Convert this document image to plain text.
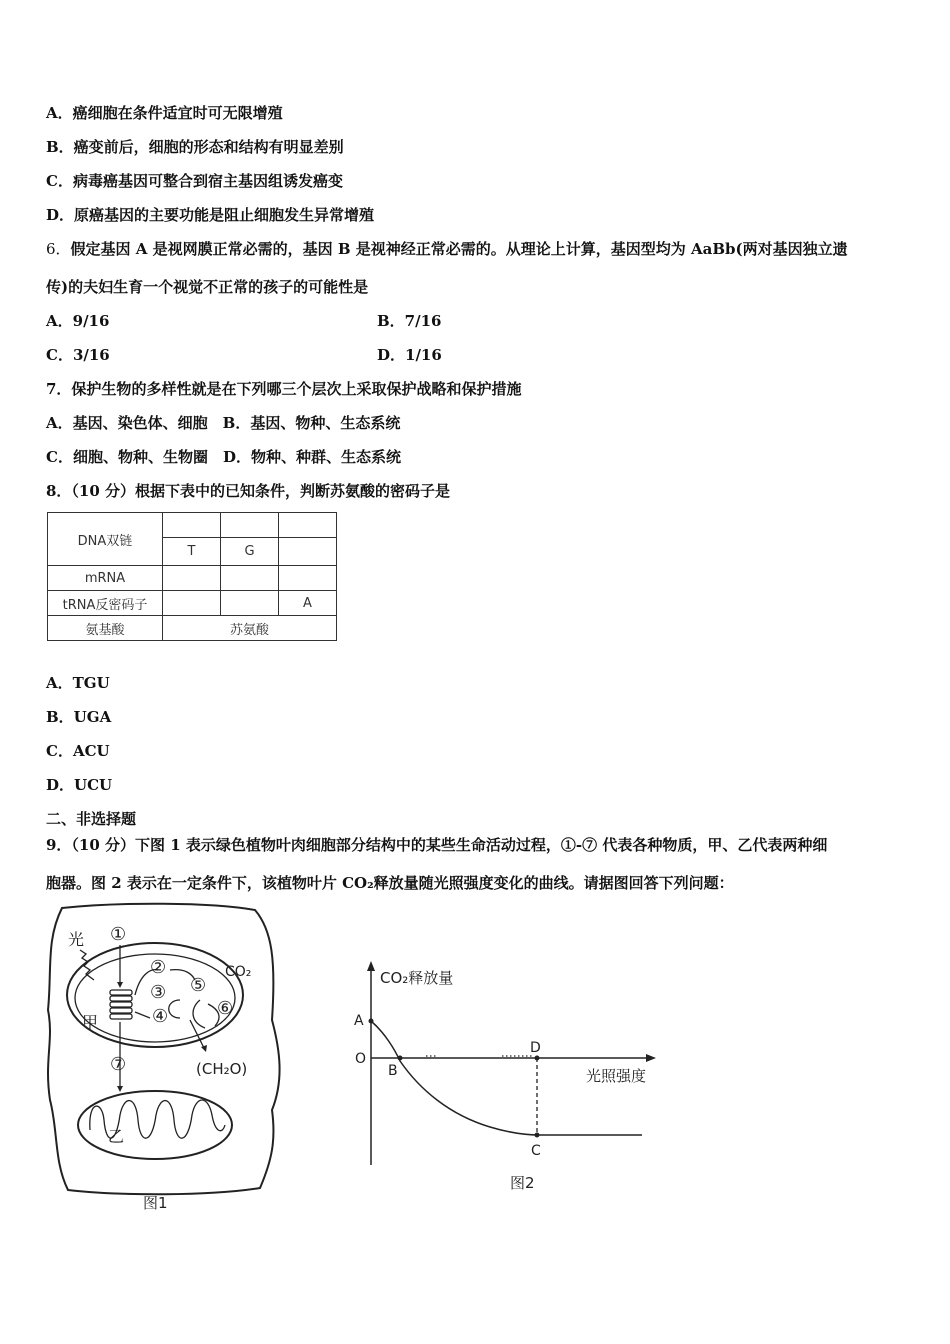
A．癌细胞在条件适宜时可无限增殖
B．癌变前后，细胞的形态和结构有明显差别
C．病毒癌基因可整合到宿主基因组诱发癌变
D．原癌基因的主要功能是阻止细胞发生异常增殖
6．假定基因 A 是视网膜正常必需的，基因 B 是视神经正常必需的。从理论上计算，基因型均为 AaBb(两对基因独立遗
传)的夫妇生育一个视觉不正常的孩子的可能性是
A．9/16	B．7/16
C．3/16	D．1/16
7．保护生物的多样性就是在下列哪三个层次上采取保护战略和保护措施
A．基因、染色体、细胞　B．基因、物种、生态系统
C．细胞、物种、生物圈　D．物种、种群、生态系统
8．（10 分）根据下表中的已知条件，判断苏氨酸的密码子是
DNA双链			
	T	G	
mRNA			
tRNA反密码子			A
氨基酸	苏氨酸		
A．TGU
B．UGA
C．ACU
D．UCU
二、非选择题
9．（10 分）下图 1 表示绿色植物叶肉细胞部分结构中的某些生命活动过程，①-⑦ 代表各种物质，甲、乙代表两种细
胞器。图 2 表示在一定条件下，该植物叶片 CO₂释放量随光照强度变化的曲线。请据图回答下列问题：
光 ①
②
③
④
⑤
⑥
CO₂
(CH₂O)
甲
⑦
乙
图1
CO₂释放量
光照强度
A
O
B
D
C
图2
